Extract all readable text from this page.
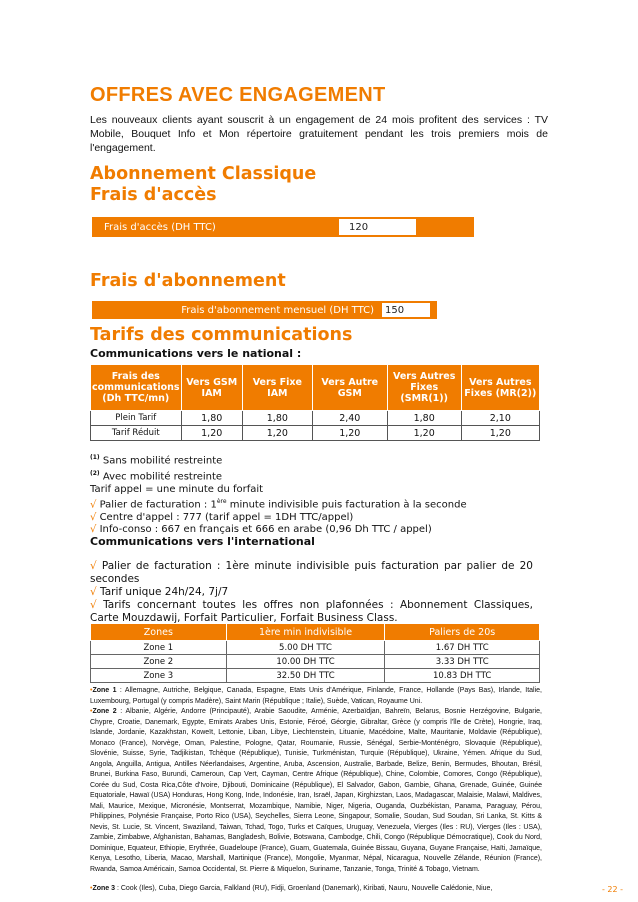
OFFRES AVEC ENGAGEMENT

Les nouveaux clients ayant souscrit à un engagement de 24 mois profitent des services : TV Mobile, Bouquet Info et Mon répertoire gratuitement pendant les trois premiers mois de l'engagement.

Abonnement Classique
Frais d'accès
Frais d'accès (DH TTC)	120
Frais d'abonnement
Frais d'abonnement mensuel (DH TTC)	150
Tarifs des communications
Communications vers le national :
Frais des communications (Dh TTC/mn)	Vers GSM IAM	Vers Fixe IAM	Vers Autre GSM	Vers Autres Fixes (SMR(1))	Vers Autres Fixes (MR(2))
Plein Tarif	1,80	1,80	2,40	1,80	2,10
Tarif Réduit	1,20	1,20	1,20	1,20	1,20
$^{(1)}$ Sans mobilité restreinte
$^{(2)}$ Avec mobilité restreinte
Tarif appel = une minute du forfait
√ Palier de facturation : 1ère minute indivisible puis facturation à la seconde
√ Centre d'appel : 777 (tarif appel = 1DH TTC/appel)
√ Info-conso : 667 en français et 666 en arabe (0,96 Dh TTC / appel)
Communications vers l'international
√ Palier de facturation : 1ère minute indivisible puis facturation par palier de 20 secondes
√ Tarif unique 24h/24, 7j/7
√ Tarifs concernant toutes les offres non plafonnées : Abonnement Classiques, Carte Mouzdawij, Forfait Particulier, Forfait Business Class.
Zones	1ère min indivisible	Paliers de 20s
Zone 1	5.00 DH TTC	1.67 DH TTC
Zone 2	10.00 DH TTC	3.33 DH TTC
Zone 3	32.50 DH TTC	10.83 DH TTC

•Zone 1 : Allemagne, Autriche, Belgique, Canada, Espagne, Etats Unis d'Amérique, Finlande, France, Hollande (Pays Bas), Irlande, Italie, Luxembourg, Portugal (y compris Madère), Saint Marin (République ; Italie), Suède, Vatican, Royaume Uni.

•Zone 2 : Albanie, Algérie, Andorre (Principauté), Arabie Saoudite, Arménie, Azerbaïdjan, Bahreïn, Belarus, Bosnie Herzégovine, Bulgarie, Chypre, Croatie, Danemark, Egypte, Emirats Arabes Unis, Estonie, Féroé, Géorgie, Gibraltar, Grèce (y compris l'île de Crète), Hongrie, Iraq, Islande, Jordanie, Kazakhstan, Koweït, Lettonie, Liban, Libye, Liechtenstein, Lituanie, Macédoine, Malte, Mauritanie, Moldavie (République), Monaco (France), Norvège, Oman, Palestine, Pologne, Qatar, Roumanie, Russie, Sénégal, Serbie-Monténégro, Slovaquie (République), Slovénie, Suisse, Syrie, Tadjikistan, Tchèque (République), Tunisie, Turkménistan, Turquie (République), Ukraine, Yémen. Afrique du Sud, Angola, Anguilla, Antigua, Antilles Néerlandaises, Argentine, Aruba, Ascension, Australie, Barbade, Belize, Benin, Bermudes, Bhoutan, Brésil, Brunei, Burkina Faso, Burundi, Cameroun, Cap Vert, Cayman, Centre Afrique (République), Chine, Colombie, Comores, Congo (République), Corée du Sud, Costa Rica,Côte d'Ivoire, Djibouti, Dominicaine (République), El Salvador, Gabon, Gambie, Ghana, Grenade, Guinée, Guinée Equatoriale, Hawaï (USA) Honduras, Hong Kong, Inde, Indonésie, Iran, Israël, Japan, Kirghizstan, Laos, Madagascar, Malaisie, Malawi, Maldives, Mali, Maurice, Mexique, Micronésie, Montserrat, Mozambique, Namibie, Niger, Nigeria, Ouganda, Ouzbékistan, Panama, Paraguay, Pérou, Philippines, Polynésie Française, Porto Rico (USA), Seychelles, Sierra Leone, Singapour, Somalie, Soudan, Sud Soudan, Sri Lanka, St. Kitts & Nevis, St. Lucie, St. Vincent, Swaziland, Taiwan, Tchad, Togo, Turks et Caïques, Uruguay, Venezuela, Vierges (Iles : RU), Vierges (Iles : USA), Zambie, Zimbabwe, Afghanistan, Bahamas, Bangladesh, Bolivie, Botswana, Cambodge, Chili, Congo (République Démocratique), Cook du Nord, Dominique, Equateur, Ethiopie, Erythrée, Guadeloupe (France), Guam, Guatemala, Guinée Bissau, Guyana, Guyane Française, Haïti, Jamaïque, Kenya, Lesotho, Liberia, Macao, Marshall, Martinique (France), Mongolie, Myanmar, Népal, Nicaragua, Nouvelle Zélande, Réunion (France), Rwanda, Samoa Américain, Samoa Occidental, St. Pierre & Miquelon, Suriname, Tanzanie, Tonga, Trinité & Tobago, Vietnam.

•Zone 3 : Cook (Iles), Cuba, Diego Garcia, Falkland (RU), Fidji, Groenland (Danemark), Kiribati, Nauru, Nouvelle Calédonie, Niue,	- 22 -
